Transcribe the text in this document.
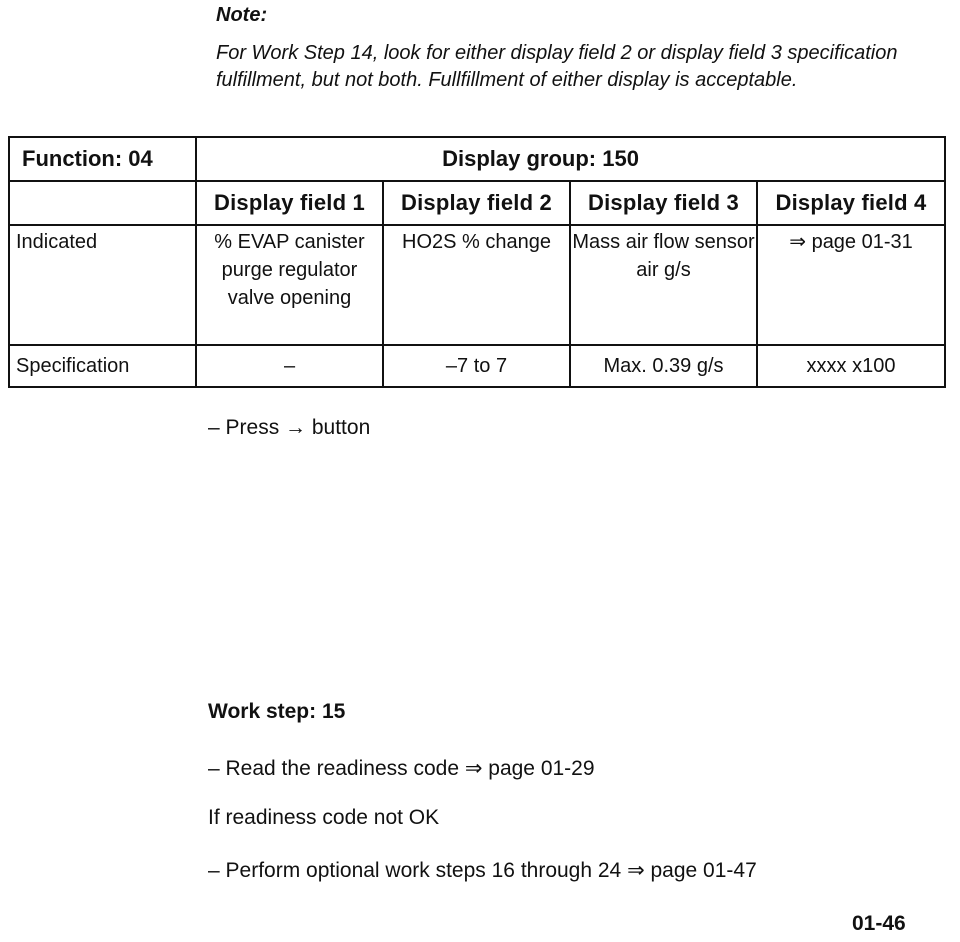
Note:

For Work Step 14, look for either display field 2 or display field 3 specification fulfillment, but not both. Fullfillment of either display is acceptable.

Function: 04	Display group: 150			
	Display field 1	Display field 2	Display field 3	Display field 4
Indicated	% EVAP canister purge regulator valve opening	HO2S % change	Mass air flow sensor air g/s	⇒ page 01-31
Specification	–	–7 to 7	Max. 0.39 g/s	xxxx x100

– Press → button

Work step: 15

– Read the readiness code ⇒ page 01-29

If readiness code not OK

– Perform optional work steps 16 through 24 ⇒ page 01-47

01-46
